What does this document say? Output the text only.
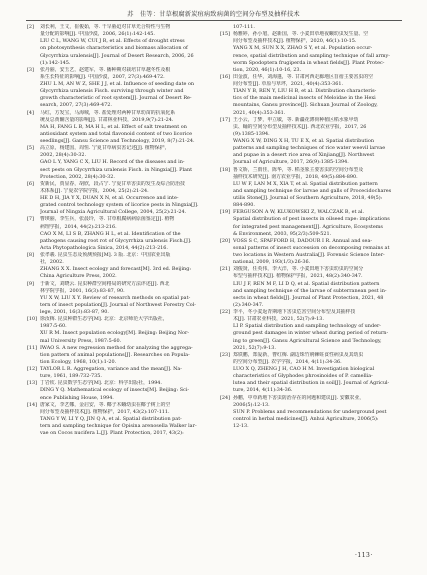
苏　佳等：甘草根腐新炭疽病致病菌的空间分布型及抽样技术
[2]	刘长利，王文，崔俊茹，等. 干旱胁迫对甘草光合特性与生物
量分配的影响[J]. 中国沙漠，2006, 26(1):142-145.
LIU C L, WANG W, CUI J R, et al. Effects of drought stress
on photosynthesis characteristics and biomass allocation of
Glycyrrhiza uralensis[J]. Journal of Desert Research, 2006, 26
(1):142-145.
[3]	张丹丽，安玉艺，赵建军，等. 播种期对栽培甘草越冬性及根
系生长特征的影响[J]. 中国沙漠，2007, 27(3):469-472.
ZHU L M, AN W Z, SHE J J, et al. Influence of seeding date on
Glycyrrhiza uralensis Fisch. surviving through winter and
growth characteristic of root system[J]. Journal of Desert Re-
search, 2007, 27(3):469-472.
[4]	马红，方发宝，马海城，等. 盐处理对两种甘草幼苗的抗氧化系
统及总黄酮含量的影响[J]. 甘肃林业科技，2019,9(7):21-24.
MA H, FANG L B, MA H L, et al. Effect of salt treatment on
antioxidant system and total flavonoid content of two licorice
seedlings[J]. Gansu Science and Technology, 2019, 8(7):21-24.
[5]	高立原，杨建国，周恒. 宁夏甘草病虫害记述[J]. 植物保护，
2002, 28(4):30-32.
GAO L Y, YANG C X, LIU H. Record of the diseases and in-
sect pests on Glycyrrhiza uralensis Fisch. in Ningxia[J]. Plant
Protection, 2002, 28(4):30-32.
[6]	贺新民，贾显春，胡欣，段占宁. 宁夏甘草害虫的发生及综合防治技
术体系[J]. 宁夏农学院学报，2004, 25(2):21-24.
HE D H, JIA Y X, DUAN X N, et al. Occurrence and inte-
grated control technology system of licorice pests in Ningxia[J].
Journal of Ningxia Agricultural College, 2004, 25(2):21-24.
[7]	曹瑛丽，李生兵，张晨玲，等. 甘草根腐病病原菌鉴定[J]. 植物
病理学报，2014, 44(2):213-216.
CAO X M, LI S B, ZHANG H L, et al. Identification of the
pathogens causing root rot of Glycyrrhiza uralensis Fisch.[J].
Acta Phytopathologica Sinica, 2014, 44(2):213-216.
[8]	张孝羲. 昆虫生态及预测预报[M]. 3 版. 北京：中国农业出版
社，2002.
ZHANG X X. Insect ecology and forecast[M]. 3rd ed. Beijing:
China Agriculture Press, 2002.
[9]	于新文，刘晓云. 昆虫种群空间格局的研究方法评述[J]. 西北
林学院学报，2001, 16(3):83-87, 90.
YU X W, LIU X Y. Review of research methods on spatial pat-
tern of insect population[J]. Journal of Northwest Forestry Col-
lege, 2001, 16(3):83-87, 90.
[10] 徐汝梅. 昆虫种群生态学[M]. 北京：北京师范大学出版社，
1987:5-60.
XU R M. Insect population ecology[M]. Beijing: Beijing Nor-
mal University Press, 1987:5-60.
[11] IWAO S. A new regression method for analyzing the aggrega-
tion pattern of animal populations[J]. Researches on Popula-
tion Ecology, 1968, 10(1):1-20.
[12] TAYLOR L R. Aggregation, variance and the mean[J]. Na-
ture, 1961, 189:732-735.
[13] 丁岩钦. 昆虫数学生态学[M]. 北京：科学出版社，1994.
DING Y Q. Mathematical ecology of insects[M]. Beijing: Sci-
ence Publishing House, 1994.
[14] 唐家文，李艺娜，金启安，等. 椰子木蛾幼虫在椰子树上的空
间分布型及抽样技术[J]. 植物保护，2017, 43(2):107-111.
TANG Y W, LI Y Q, JIN Q A, et al. Spatial distribution pat-
tern and sampling technique for Opisina arenosella Walker lar-
vae on Cocos nucifera L.[J]. Plant Protection, 2017, 43(2):
107-111.
[15] 杨雅婷，孙小旭，赵新国，等. 小麦田草地夜蛾幼虫发生量、空
间分布型及抽样技术[J]. 植物保护，2020, 46(1):10-15.
YANG X M, SUN X X, ZHAO S Y, et al. Population occur-
rence, spatial distribution and sampling technique of fall army-
worm Spodoptera frugiperda in wheat fields[J]. Plant Protec-
tion, 2020, 46(1):10-16, 23.
[16] 田金波，任华，刘海蓬，等. 甘肃河西走廊地区苜蓿主要害虫的空
间分布型[J]. 草原与草坪，2021, 40(4):353-361.
TIAN Y B, REN Y, LIU H B, et al. Distribution characteris-
tics of the main medicinal insects of Meloidae in the Hexi
mountains, Gansu province[J]. Sichuan Journal of Zoology,
2021, 40(4):353-361.
[17] 王小云，丁梦，申立敏，等. 新疆花薄荷种植区稻水象甲幼
虫、蛹的空间分布型及抽样技术[J]. 西北农业学报，2017, 26
(9):1385-1394.
WANG X W, DING X H, TU E X, et al. Spatial distribution
patterns and sampling techniques of rice water weevil larvae
and pupae in a desert rice area of Xinjiang[J]. Northwest
Journal of Agriculture, 2017, 26(9):1385-1394.
[18] 鲁文娇，兰雨佳，陈华，等. 稻茎象主要害虫的空间分布型及
抽样技术研究[J]. 南方农业学报，2018, 49(5):884-890.
LU W F, LAN M X, XIA T, et al. Spatial distribution pattern
and sampling technique for larvae and galls of Procecidochares
utilis Stone[J]. Journal of Southern Agriculture, 2018, 49(5):
884-890.
[19] FERGUSON A W, KLUKOWSKI Z, WALCZAK B, et al.
Spatial distribution of pest insects in oilseed rape: implications
for integrated pest management[J]. Agriculture, Ecosystems
& Environment, 2003, 95(2/3):509-521.
[20] VOSS S C, SPAFFORD H, DADOUR I R. Annual and sea-
sonal patterns of insect succession on decomposing remains at
two locations in Western Australia[J]. Forensic Science Inter-
national, 2009, 193(1/3):26-36.
[21] 刘俊贤，任英伟，李大洋，等. 小麦田地下害虫幼虫的空间分
布型与抽样技术[J]. 植物保护学报，2021, 48(2):340-347.
LIU J F, REN M F, LI D Q, et al. Spatial distribution pattern
and sampling technique of the larvae of subterranean pest in-
sects in wheat fields[J]. Journal of Plant Protection, 2021, 48
(2):340-347.
[22] 李平，冬小麦返青期地下害虫危害空间分布型及其抽样技
术[J]. 甘肃农业科技，2021, 52(7):9-13.
LI P. Spatial distribution and sampling technology of under-
ground pest damages in winter wheat during period of return-
ing to green[J]. Gansu Agricultural Science and Technology,
2021, 52(7):9-13.
[23] 郑铁鹏，郑爱新，曹红梅. 湖边珠竹荆棘蛀食性病虫及其幼虫
的空间分布型[J]. 农学学报，2014, 4(11):34-36.
LUO X Q, ZHENG J H, CAO H M. Investigation biological
characteristics of Glyphodes phrosinoides of P. camellia-
lutea and their spatial distribution in soil[J]. Journal of Agricul-
ture, 2014, 4(11):34-36.
[24] 孙鹏，中草药地下害虫防治存在的问题和建议[J]. 安徽农业，
2006(5):12-13.
SUN P. Problems and recommendations for underground pest
control in herbal medicines[J]. Anhui Agriculture, 2006(5):
12-13.
·113·
